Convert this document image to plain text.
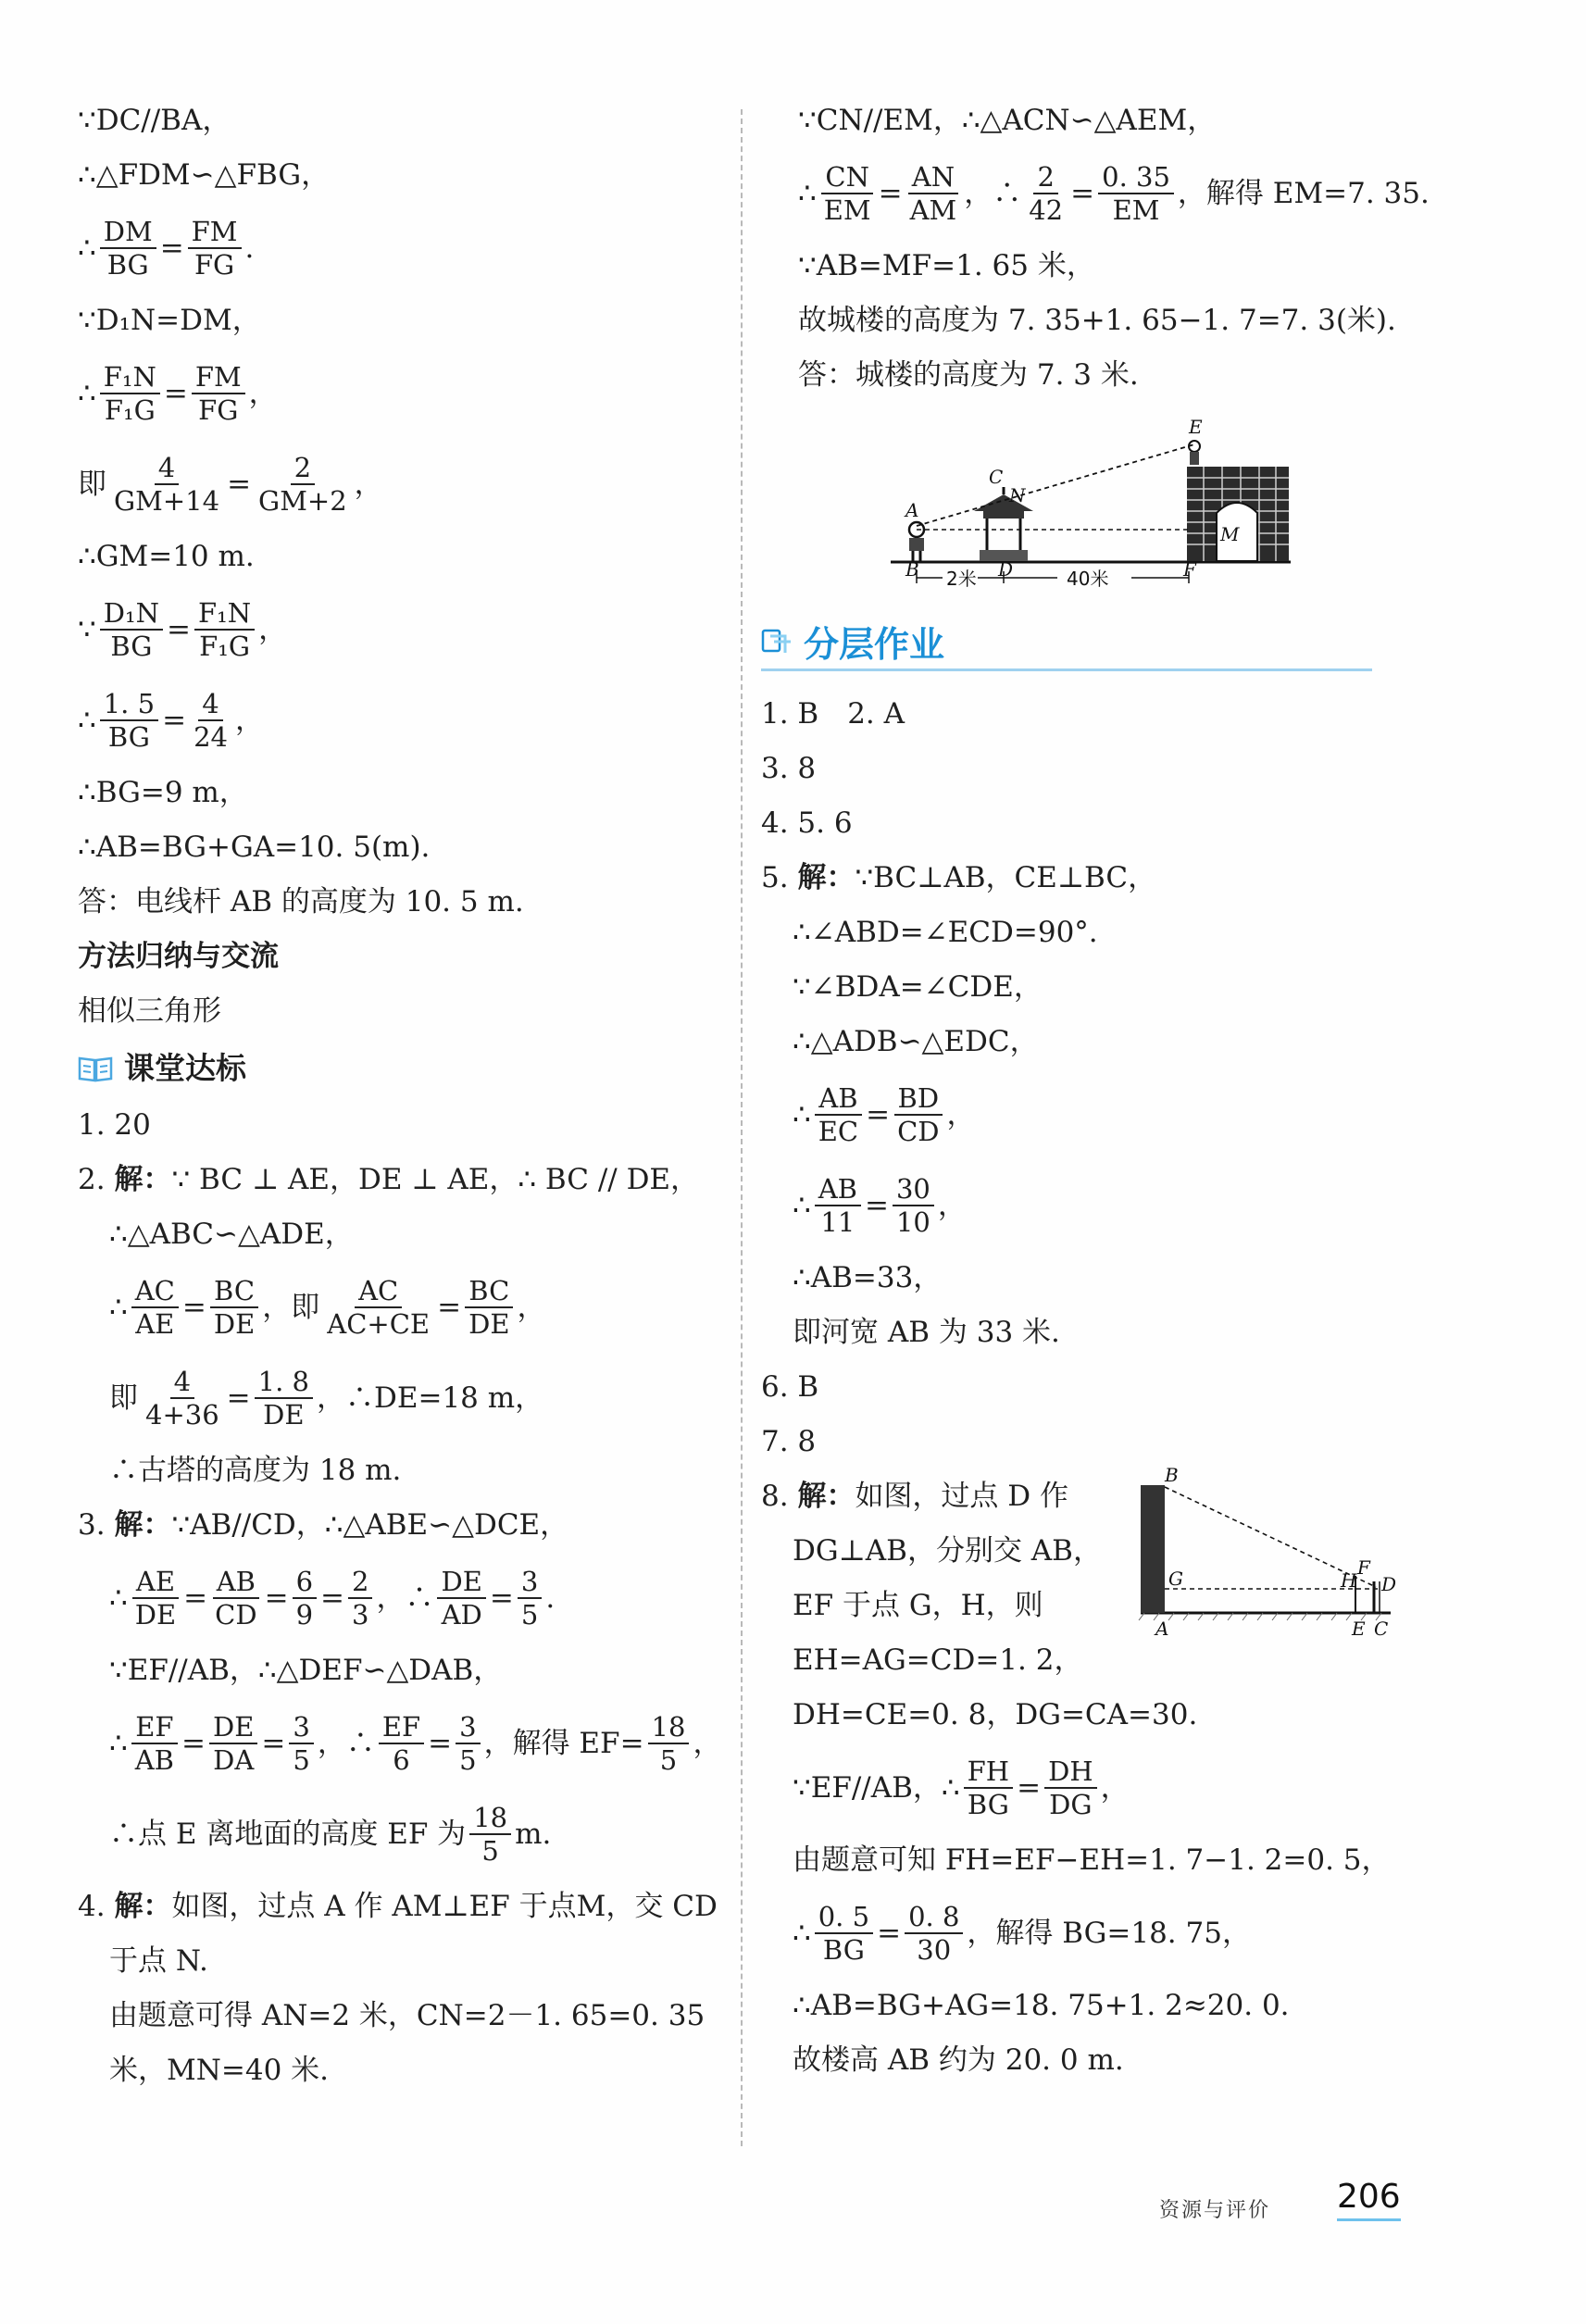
∵DC//BA，
∴△FDM∽△FBG，
∴ $\frac{DM}{BG} = \frac{FM}{FG}$ .
∵D₁N=DM，
∴ $\frac{\text{F₁N}}{\text{F₁G}} = \frac{FM}{FG}$ ，
即 $\frac{4}{GM+14} = \frac{2}{GM+2}$ ，
∴GM=10 m.
∵ $\frac{\text{D₁N}}{BG} = \frac{\text{F₁N}}{\text{F₁G}}$ ，
∴ $\frac{1. 5}{BG} = \frac{4}{24}$ ，
∴BG=9 m，
∴AB=BG+GA=10. 5(m).
答：电线杆 AB 的高度为 10. 5 m.
方法归纳与交流
相似三角形
课堂达标
1. 20
2.
解： ∵ BC ⊥ AE，DE ⊥ AE，∴ BC // DE，
∴△ABC∽△ADE，
∴ $\frac{AC}{AE} = \frac{BC}{DE}$ ，即 $\frac{AC}{AC+CE} = \frac{BC}{DE}$ ，
即 $\frac{4}{4+36} = \frac{1. 8}{DE}$ ，∴DE=18 m，
∴古塔的高度为 18 m.
3.
解： ∵AB//CD，∴△ABE∽△DCE，
∴ $\frac{AE}{DE} = \frac{AB}{CD} = \frac{6}{9} = \frac{2}{3}$ ，∴ $\frac{DE}{AD} = \frac{3}{5}$ .
∵EF//AB，∴△DEF∽△DAB，
∴ $\frac{EF}{AB} = \frac{DE}{DA} = \frac{3}{5}$ ，∴ $\frac{EF}{6} = \frac{3}{5}$ ，解得 $EF= \frac{18}{5}$ ，
∴点 E 离地面的高度 EF 为 $\frac{18}{5} m$.
4.
解： 如图，过点 A 作 AM⊥EF 于点M，交 CD
于点 N.
由题意可得 AN=2 米，CN=2－1. 65=0. 35
米，MN=40 米.
∵CN//EM，∴△ACN∽△AEM，
∴ $\frac{CN}{EM} = \frac{AN}{AM}$ ，∴ $\frac{2}{42} = \frac{0. 35}{EM}$ ，解得 EM=7. 35.
∵AB=MF=1. 65 米，
故城楼的高度为 7. 35+1. 65−1. 7=7. 3(米).
答：城楼的高度为 7. 3 米.
2米	40米
A
B
C
N
D
E
M
F
分层作业
1. B　2. A
3. 8
4. 5. 6
5.
解： ∵BC⊥AB，CE⊥BC，
∴∠ABD=∠ECD=90°.
∵∠BDA=∠CDE，
∴△ADB∽△EDC，
∴ $\frac{AB}{EC} = \frac{BD}{CD}$ ，
∴ $\frac{AB}{11} = \frac{30}{10}$ ，
∴AB=33，
即河宽 AB 为 33 米.
6. B
7. 8
8.
解： 如图，过点 D 作
DG⊥AB，分别交 AB，
EF 于点 G，H，则
EH=AG=CD=1. 2，
B
G
A
H
F
D
E C
DH=CE=0. 8，DG=CA=30.
∵EF//AB，∴ $\frac{FH}{BG} = \frac{DH}{DG}$ ，
由题意可知 FH=EF−EH=1. 7−1. 2=0. 5，
∴ $\frac{0. 5}{BG} = \frac{0. 8}{30}$ ，解得 BG=18. 75，
∴AB=BG+AG=18. 75+1. 2≈20. 0.
故楼高 AB 约为 20. 0 m.
资源与评价 206
